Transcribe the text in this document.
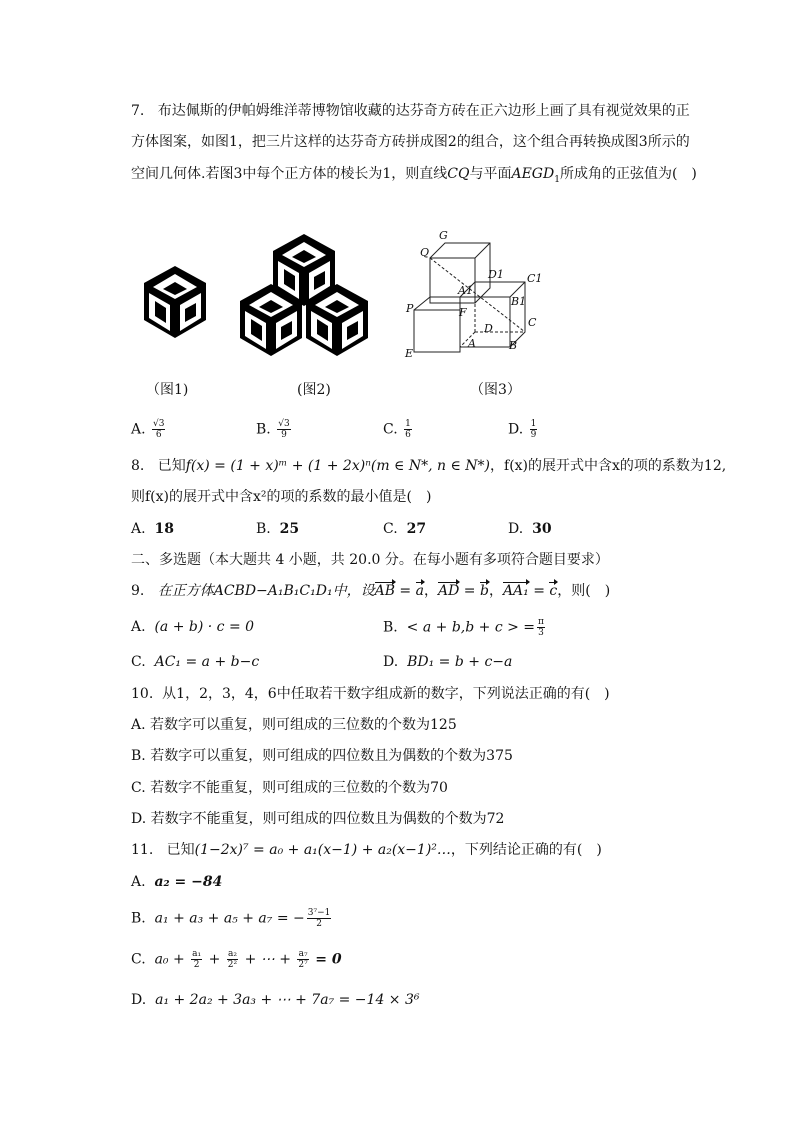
7. 布达佩斯的伊帕姆维洋蒂博物馆收藏的达芬奇方砖在正六边形上画了具有视觉效果的正
方体图案，如图1，把三片这样的达芬奇方砖拼成图2的组合，这个组合再转换成图3所示的
空间几何体.若图3中每个正方体的棱长为1，则直线CQ与平面$AEGD_1$所成角的正弦值为(　)
G
Q
D1 C1
A1
B1
P	F
D	C
E
A	B
（图1)	(图2)	（图3）
A. $\frac{√3}{6}$	B. $\frac{√3}{9}$	C. $\frac{1}{6}$	D. $\frac{1}{9}$
8. 已知f(x) = (1 + x)ᵐ + (1 + 2x)ⁿ(m ∈ N*, n ∈ N*)，f(x)的展开式中含x的项的系数为12,
则f(x)的展开式中含x²的项的系数的最小值是(　)
A. 18	B. 25	C. 27	D. 30
二、多选题（本大题共 4 小题，共 20.0 分。在每小题有多项符合题目要求）
9. 在正方体ACBD−A₁B₁C₁D₁中，设AB = a，AD = b，AA₁ = c，则(　)
A. (a + b) · c = 0	B. < a + b,b + c > = $\frac{\pi}{3}$
C. AC₁ = a + b−c	D. BD₁ = b + c−a
10. 从1，2，3，4，6中任取若干数字组成新的数字，下列说法正确的有(　)
A. 若数字可以重复，则可组成的三位数的个数为125
B. 若数字可以重复，则可组成的四位数且为偶数的个数为375
C. 若数字不能重复，则可组成的三位数的个数为70
D. 若数字不能重复，则可组成的四位数且为偶数的个数为72
11. 已知(1−2x)⁷ = a₀ + a₁(x−1) + a₂(x−1)²…，下列结论正确的有(　)
A. a₂ = −84
B. a₁ + a₃ + a₅ + a₇ = − $\frac{\text{3⁷−1}}{2}$
C. $a_0 + \frac{\text{a₁}}{2} + \frac{\text{a₂}}{\text{2²}}$ + ⋯ + $\frac{\text{a₇}}{\text{2⁷}} = 0$
D. a₁ + 2a₂ + 3a₃ + ⋯ + 7a₇ = −14 × 3⁶
